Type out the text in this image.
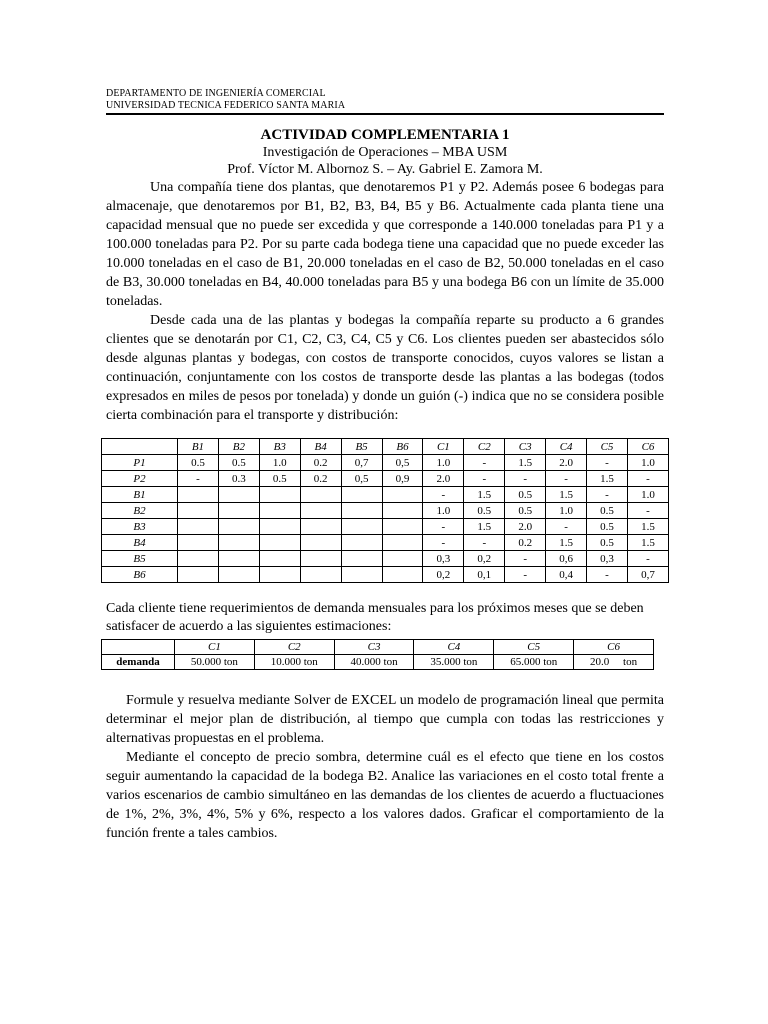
DEPARTAMENTO DE INGENIERÍA COMERCIAL
UNIVERSIDAD TECNICA FEDERICO SANTA MARIA
ACTIVIDAD COMPLEMENTARIA 1
Investigación de Operaciones – MBA USM
Prof. Víctor M. Albornoz S. – Ay. Gabriel E. Zamora M.

Una compañía tiene dos plantas, que denotaremos P1 y P2. Además posee 6 bodegas para almacenaje, que denotaremos por B1, B2, B3, B4, B5 y B6. Actualmente cada planta tiene una capacidad mensual que no puede ser excedida y que corresponde a 140.000 toneladas para P1 y a 100.000 toneladas para P2. Por su parte cada bodega tiene una capacidad que no puede exceder las 10.000 toneladas en el caso de B1, 20.000 toneladas en el caso de B2, 50.000 toneladas en el caso de B3, 30.000 toneladas en B4, 40.000 toneladas para B5 y una bodega B6 con un límite de 35.000 toneladas.

Desde cada una de las plantas y bodegas la compañía reparte su producto a 6 grandes clientes que se denotarán por C1, C2, C3, C4, C5 y C6. Los clientes pueden ser abastecidos sólo desde algunas plantas y bodegas, con costos de transporte conocidos, cuyos valores se listan a continuación, conjuntamente con los costos de transporte desde las plantas a las bodegas (todos expresados en miles de pesos por tonelada) y donde un guión (-) indica que no se considera posible cierta combinación para el transporte y distribución:

	B1	B2	B3	B4	B5	B6	C1	C2	C3	C4	C5	C6
P1	0.5	0.5	1.0	0.2	0,7	0,5	1.0	-	1.5	2.0	-	1.0
P2	-	0.3	0.5	0.2	0,5	0,9	2.0	-	-	-	1.5	-
B1							-	1.5	0.5	1.5	-	1.0
B2							1.0	0.5	0.5	1.0	0.5	-
B3							-	1.5	2.0	-	0.5	1.5
B4							-	-	0.2	1.5	0.5	1.5
B5							0,3	0,2	-	0,6	0,3	-
B6							0,2	0,1	-	0,4	-	0,7

Cada cliente tiene requerimientos de demanda mensuales para los próximos meses que se deben satisfacer de acuerdo a las siguientes estimaciones:

	C1	C2	C3	C4	C5	C6
demanda	50.000 ton	10.000 ton	40.000 ton	35.000 ton	65.000 ton	20.0     ton

Formule y resuelva mediante Solver de EXCEL un modelo de programación lineal que permita determinar el mejor plan de distribución, al tiempo que cumpla con todas las restricciones y alternativas propuestas en el problema.

Mediante el concepto de precio sombra, determine cuál es el efecto que tiene en los costos seguir aumentando la capacidad de la bodega B2. Analice las variaciones en el costo total frente a varios escenarios de cambio simultáneo en las demandas de los clientes de acuerdo a fluctuaciones de 1%, 2%, 3%, 4%, 5% y 6%, respecto a los valores dados. Graficar el comportamiento de la función frente a tales cambios.
